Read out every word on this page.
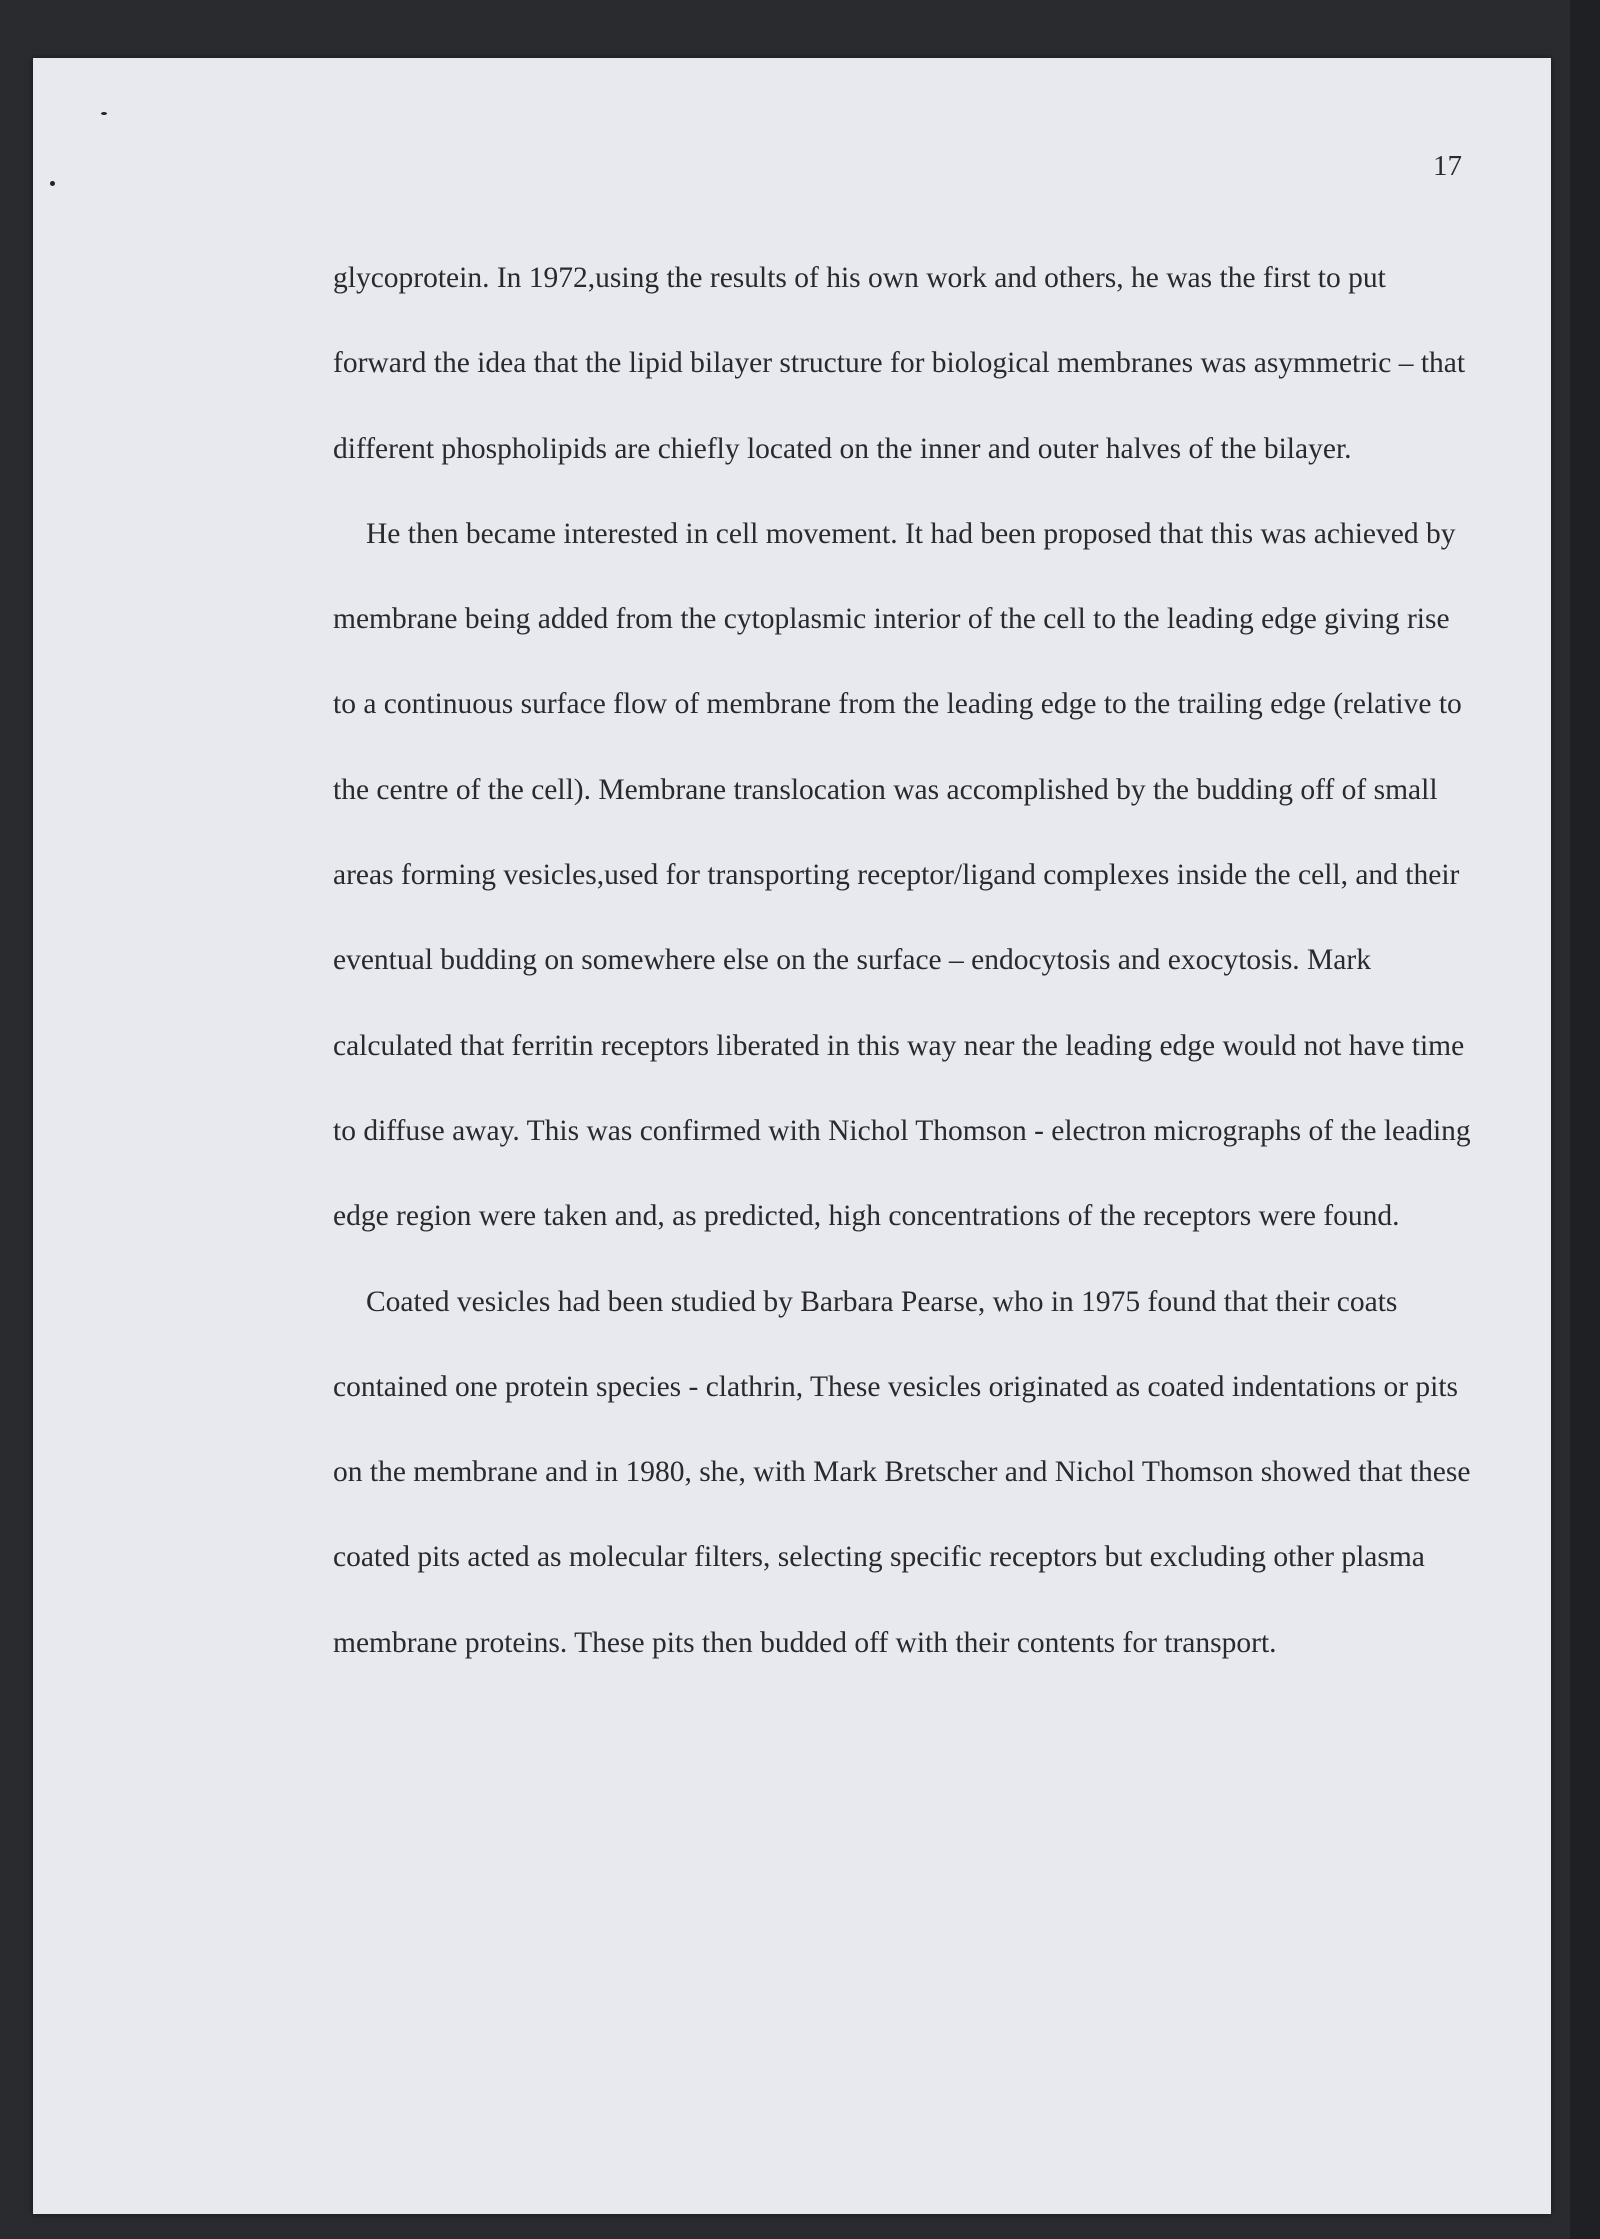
17

glycoprotein. In 1972,using the results of his own work and others, he was the first to put forward the idea that the lipid bilayer structure for biological membranes was asymmetric – that different phospholipids are chiefly located on the inner and outer halves of the bilayer.

He then became interested in cell movement. It had been proposed that this was achieved by membrane being added from the cytoplasmic interior of the cell to the leading edge giving rise to a continuous surface flow of membrane from the leading edge to the trailing edge (relative to the centre of the cell). Membrane translocation was accomplished by the budding off of small areas forming vesicles,used for transporting receptor/ligand complexes inside the cell, and their eventual budding on somewhere else on the surface – endocytosis and exocytosis. Mark calculated that ferritin receptors liberated in this way near the leading edge would not have time to diffuse away. This was confirmed with Nichol Thomson - electron micrographs of the leading edge region were taken and, as predicted, high concentrations of the receptors were found.

Coated vesicles had been studied by Barbara Pearse, who in 1975 found that their coats contained one protein species - clathrin, These vesicles originated as coated indentations or pits on the membrane and in 1980, she, with Mark Bretscher and Nichol Thomson showed that these coated pits acted as molecular filters, selecting specific receptors but excluding other plasma membrane proteins. These pits then budded off with their contents for transport.
